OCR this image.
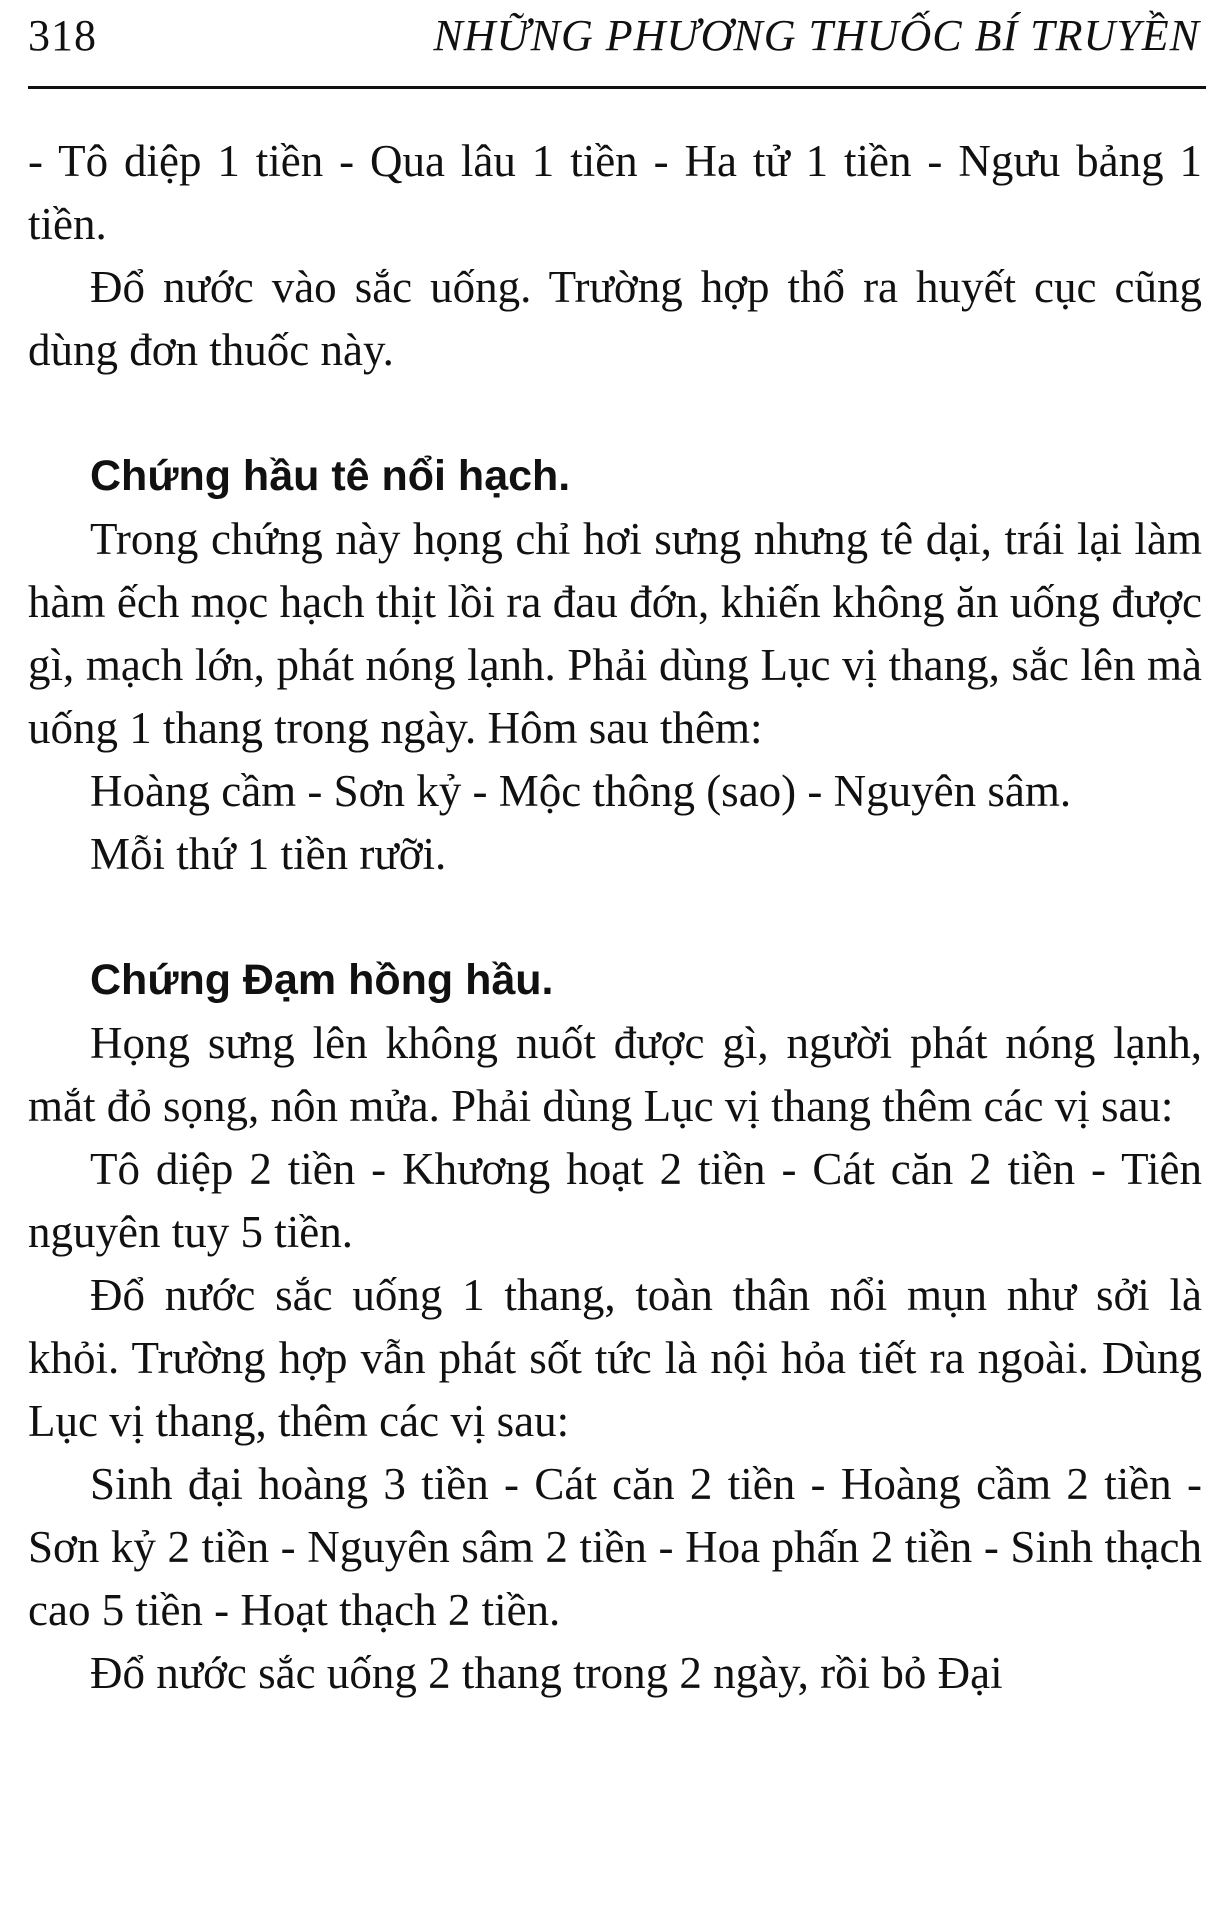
318	NHỮNG PHƯƠNG THUỐC BÍ TRUYỀN

- Tô diệp 1 tiền - Qua lâu 1 tiền - Ha tử 1 tiền - Ngưu bảng 1 tiền.

Đổ nước vào sắc uống. Trường hợp thổ ra huyết cục cũng dùng đơn thuốc này.

Chứng hầu tê nổi hạch.

Trong chứng này họng chỉ hơi sưng nhưng tê dại, trái lại làm hàm ếch mọc hạch thịt lồi ra đau đớn, khiến không ăn uống được gì, mạch lớn, phát nóng lạnh. Phải dùng Lục vị thang, sắc lên mà uống 1 thang trong ngày. Hôm sau thêm:

Hoàng cầm - Sơn kỷ - Mộc thông (sao) - Nguyên sâm.

Mỗi thứ 1 tiền rưỡi.

Chứng Đạm hồng hầu.

Họng sưng lên không nuốt được gì, người phát nóng lạnh, mắt đỏ sọng, nôn mửa. Phải dùng Lục vị thang thêm các vị sau:

Tô diệp 2 tiền - Khương hoạt 2 tiền - Cát căn 2 tiền - Tiên nguyên tuy 5 tiền.

Đổ nước sắc uống 1 thang, toàn thân nổi mụn như sởi là khỏi. Trường hợp vẫn phát sốt tức là nội hỏa tiết ra ngoài. Dùng Lục vị thang, thêm các vị sau:

Sinh đại hoàng 3 tiền - Cát căn 2 tiền - Hoàng cầm 2 tiền - Sơn kỷ 2 tiền - Nguyên sâm 2 tiền - Hoa phấn 2 tiền - Sinh thạch cao 5 tiền - Hoạt thạch 2 tiền.

Đổ nước sắc uống 2 thang trong 2 ngày, rồi bỏ Đại
